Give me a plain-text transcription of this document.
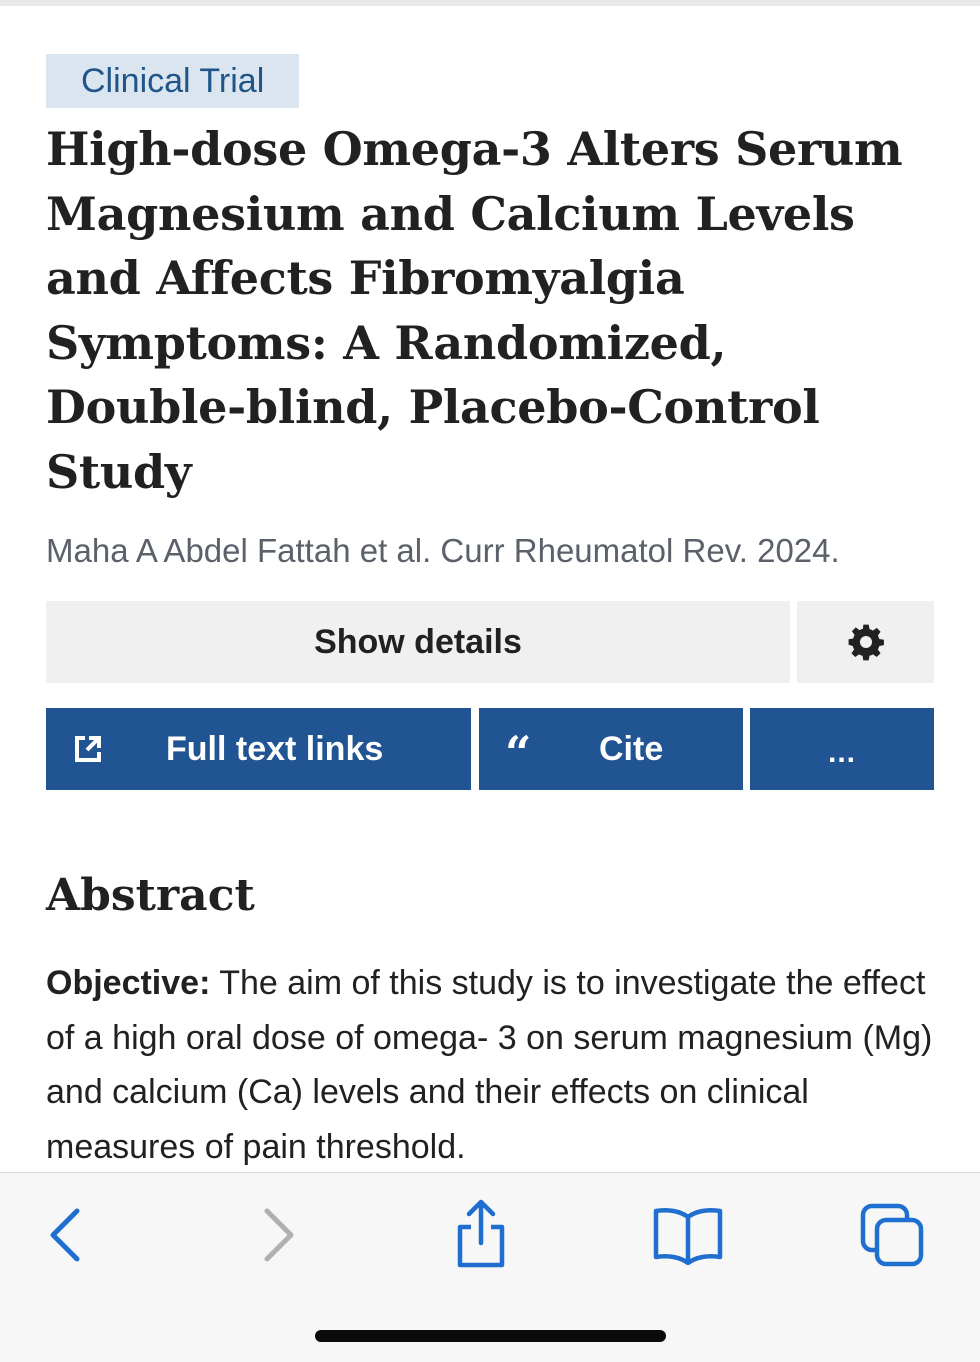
Clinical Trial
High-dose Omega-3 Alters Serum Magnesium and Calcium Levels and Affects Fibromyalgia Symptoms: A Randomized, Double-blind, Placebo-Control Study
Maha A Abdel Fattah et al. Curr Rheumatol Rev. 2024.
Show details
Full text links	“ Cite	...
Abstract

Objective: The aim of this study is to investigate the effect of a high oral dose of omega- 3 on serum magnesium (Mg) and calcium (Ca) levels and their effects on clinical measures of pain threshold.
